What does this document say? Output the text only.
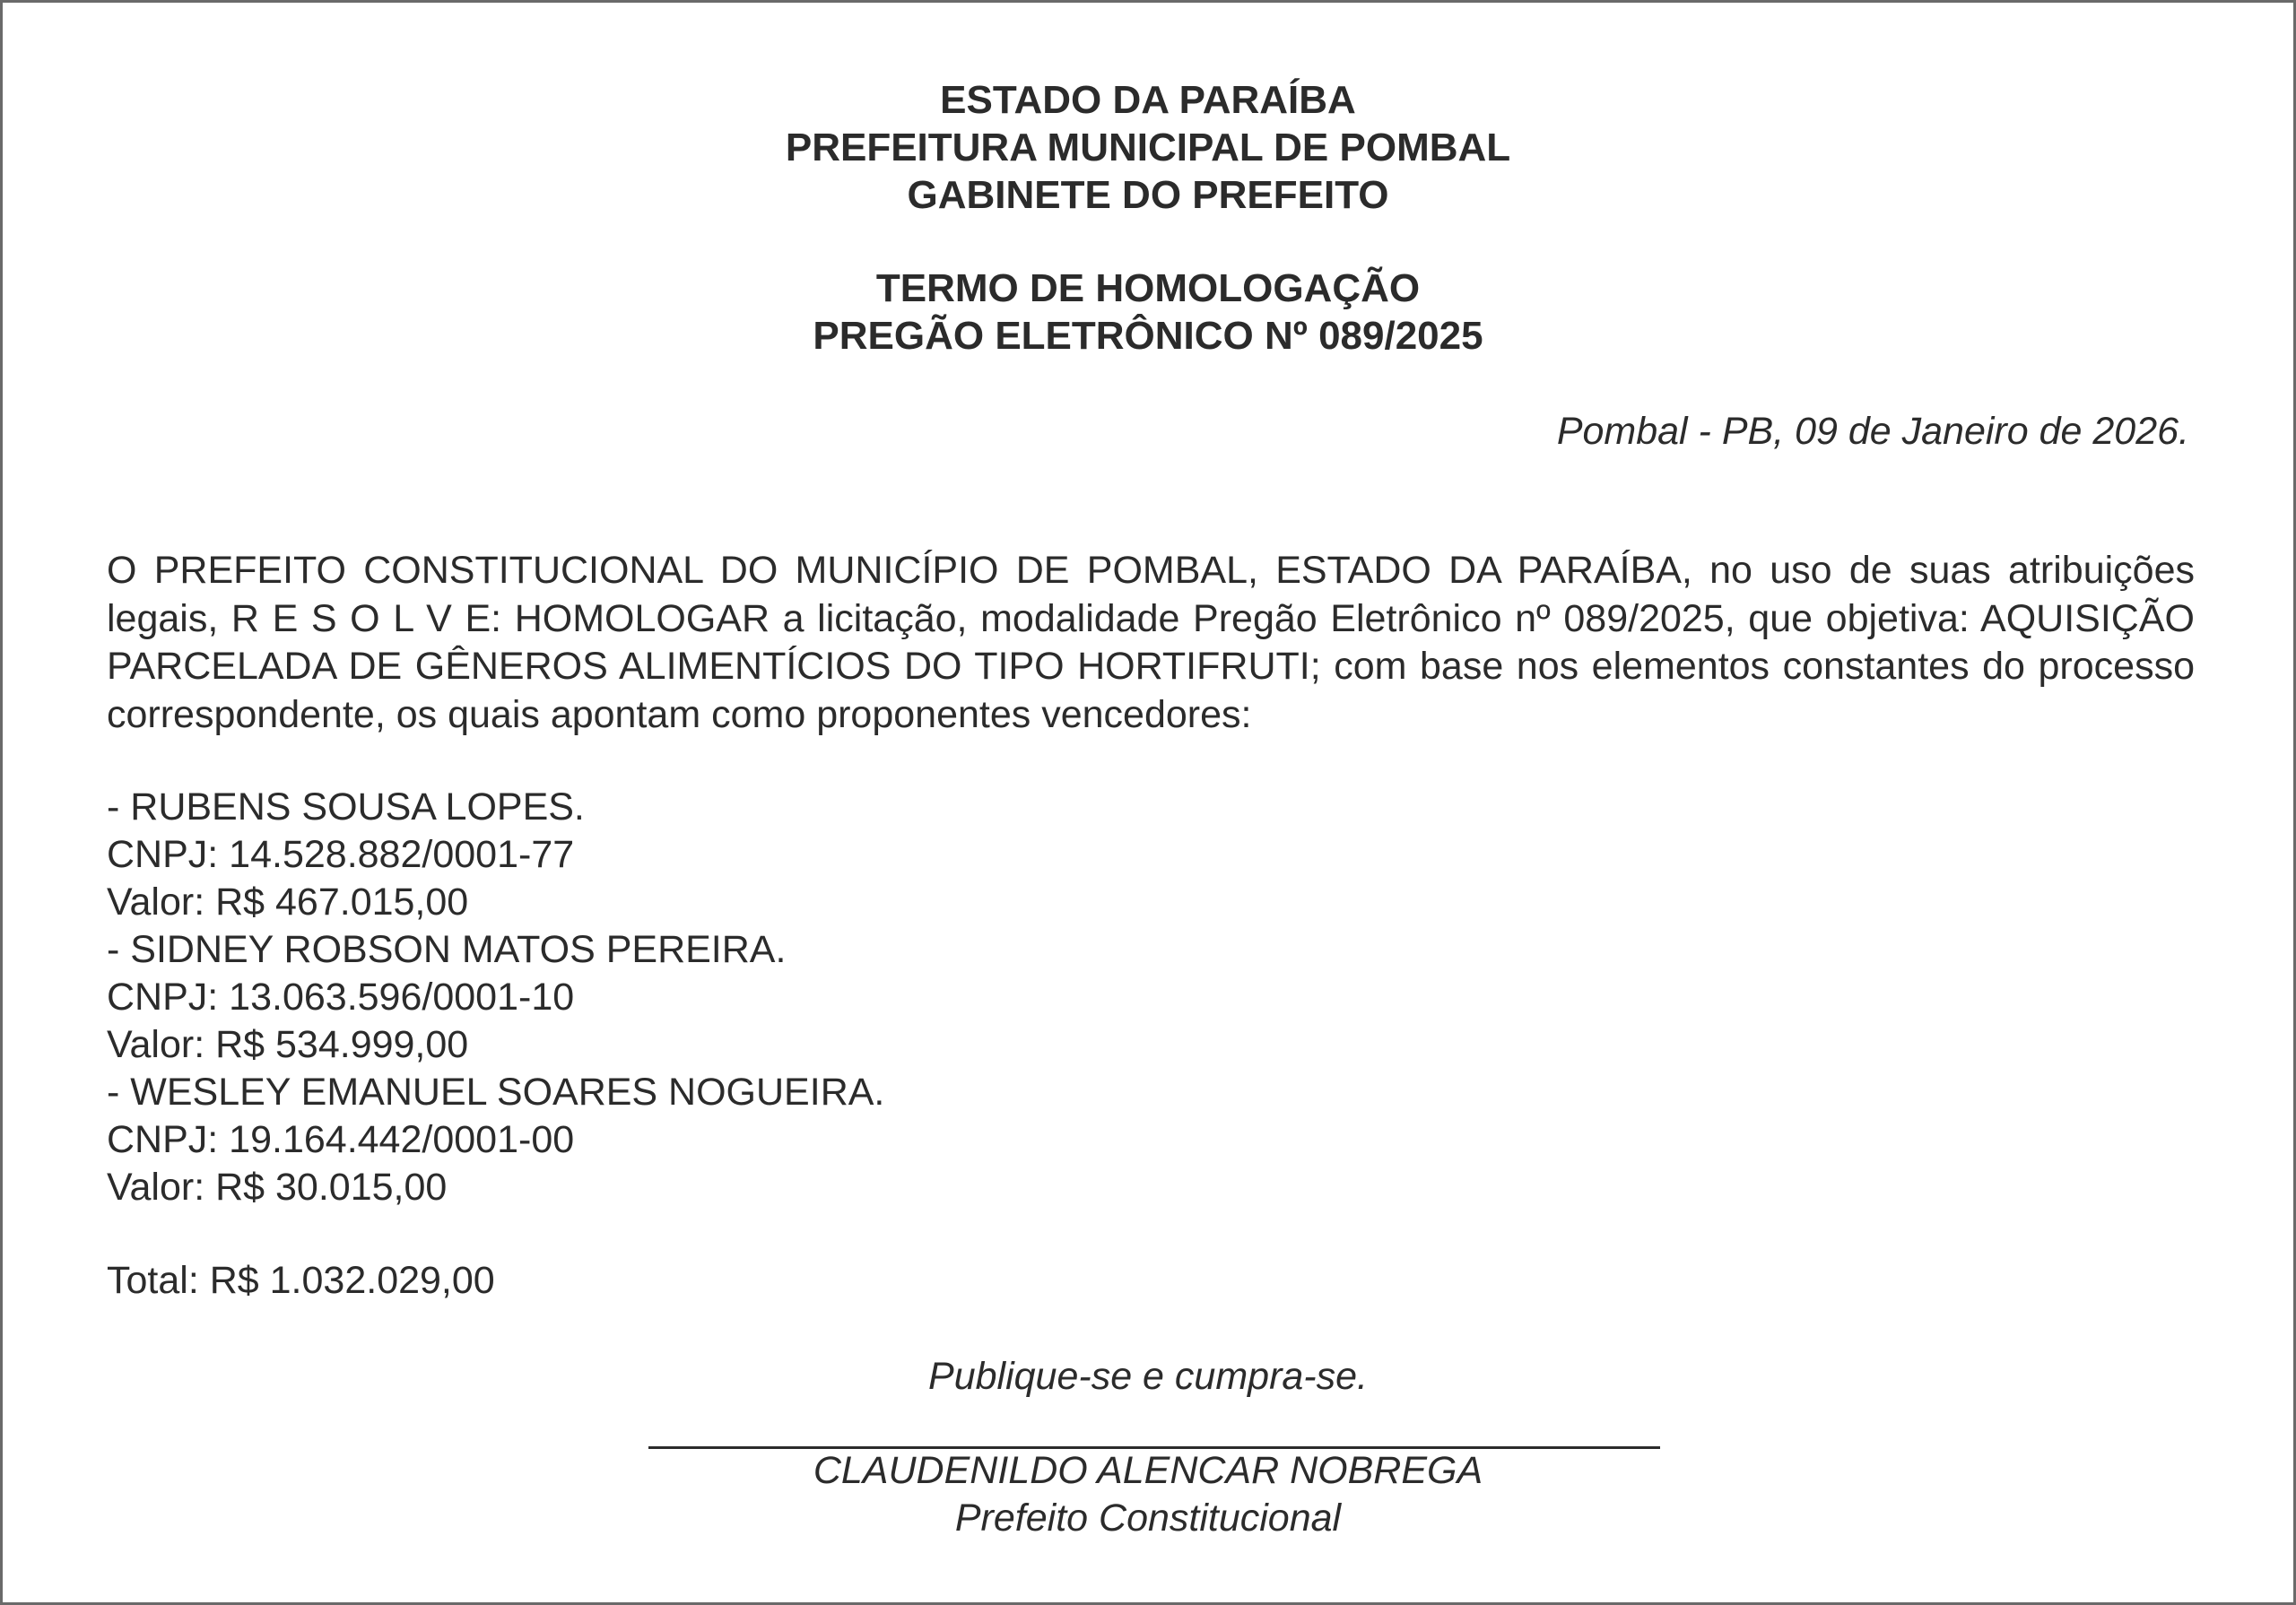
ESTADO DA PARAÍBA
PREFEITURA MUNICIPAL DE POMBAL
GABINETE DO PREFEITO
TERMO DE HOMOLOGAÇÃO
PREGÃO ELETRÔNICO Nº 089/2025
Pombal - PB, 09 de Janeiro de 2026.
O PREFEITO CONSTITUCIONAL DO MUNICÍPIO DE POMBAL, ESTADO DA PARAÍBA, no uso de suas atribuições legais, R E S O L V E: HOMOLOGAR a licitação, modalidade Pregão Eletrônico nº 089/2025, que objetiva: AQUISIÇÃO PARCELADA DE GÊNEROS ALIMENTÍCIOS DO TIPO HORTIFRUTI; com base nos elementos constantes do processo correspondente, os quais apontam como proponentes vencedores:
- RUBENS SOUSA LOPES.
CNPJ: 14.528.882/0001-77
Valor: R$ 467.015,00
- SIDNEY ROBSON MATOS PEREIRA.
CNPJ: 13.063.596/0001-10
Valor: R$ 534.999,00
- WESLEY EMANUEL SOARES NOGUEIRA.
CNPJ: 19.164.442/0001-00
Valor: R$ 30.015,00
Total: R$ 1.032.029,00
Publique-se e cumpra-se.
CLAUDENILDO ALENCAR NOBREGA
Prefeito Constitucional
